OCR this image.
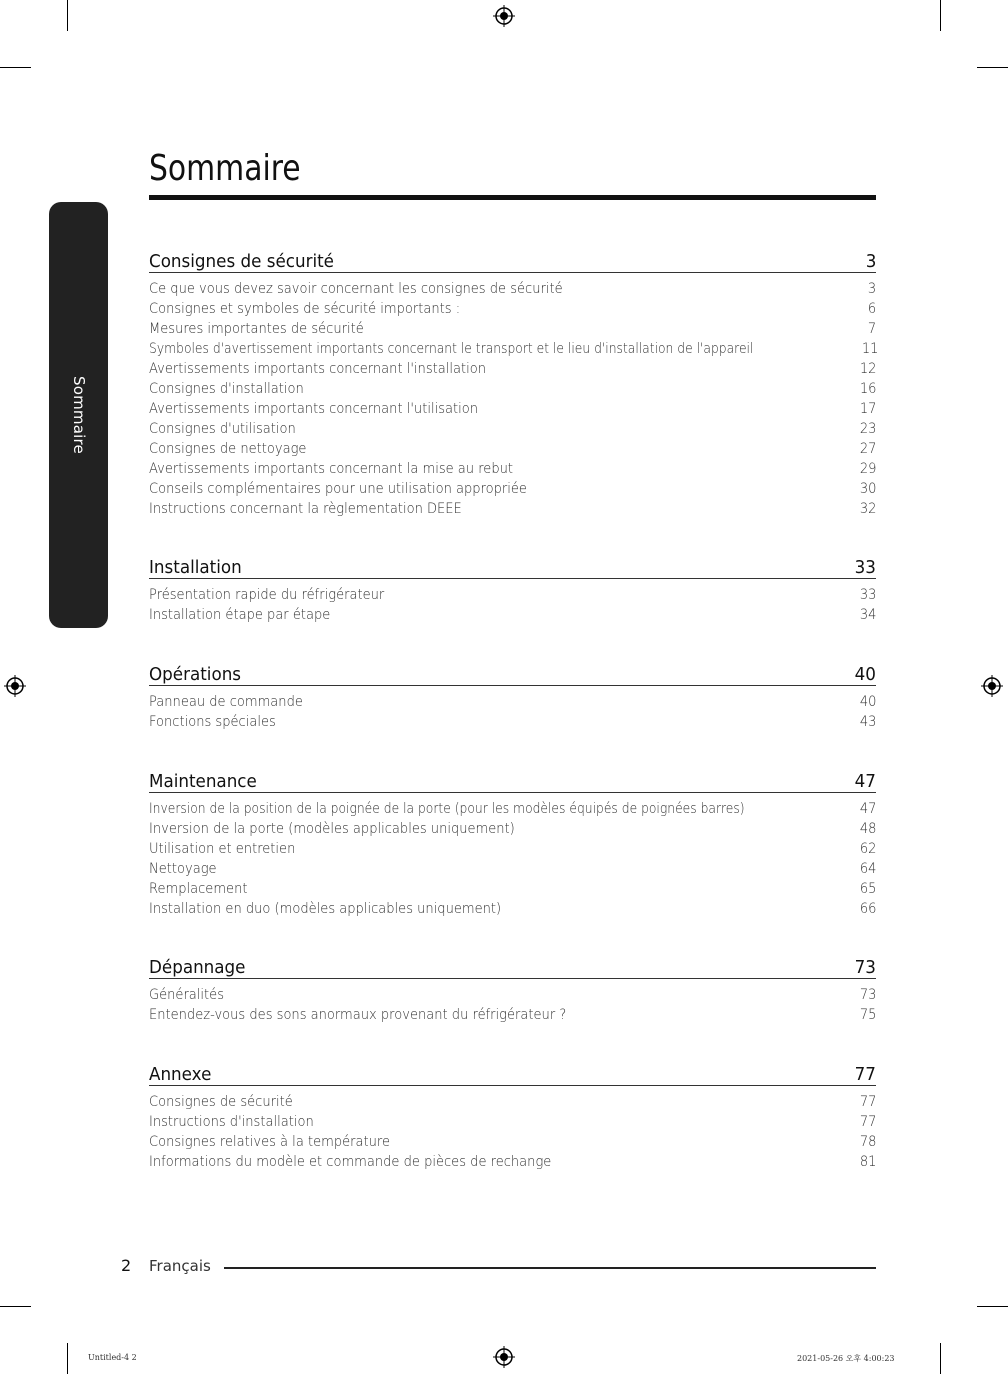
Sommaire
Sommaire
Consignes de sécurité	3
Ce que vous devez savoir concernant les consignes de sécurité	3
Consignes et symboles de sécurité importants :	6
Mesures importantes de sécurité	7
Symboles d'avertissement importants concernant le transport et le lieu d'installation de l'appareil	11
Avertissements importants concernant l'installation	12
Consignes d'installation	16
Avertissements importants concernant l'utilisation	17
Consignes d'utilisation	23
Consignes de nettoyage	27
Avertissements importants concernant la mise au rebut	29
Conseils complémentaires pour une utilisation appropriée	30
Instructions concernant la règlementation DEEE	32
Installation	33
Présentation rapide du réfrigérateur	33
Installation étape par étape	34
Opérations	40
Panneau de commande	40
Fonctions spéciales	43
Maintenance	47
Inversion de la position de la poignée de la porte (pour les modèles équipés de poignées barres)	47
Inversion de la porte (modèles applicables uniquement)	48
Utilisation et entretien	62
Nettoyage	64
Remplacement	65
Installation en duo (modèles applicables uniquement)	66
Dépannage	73
Généralités	73
Entendez-vous des sons anormaux provenant du réfrigérateur ?	75
Annexe	77
Consignes de sécurité	77
Instructions d'installation	77
Consignes relatives à la température	78
Informations du modèle et commande de pièces de rechange	81
2 Français
Untitled-4 2	2021-05-26 오후 4:00:23
